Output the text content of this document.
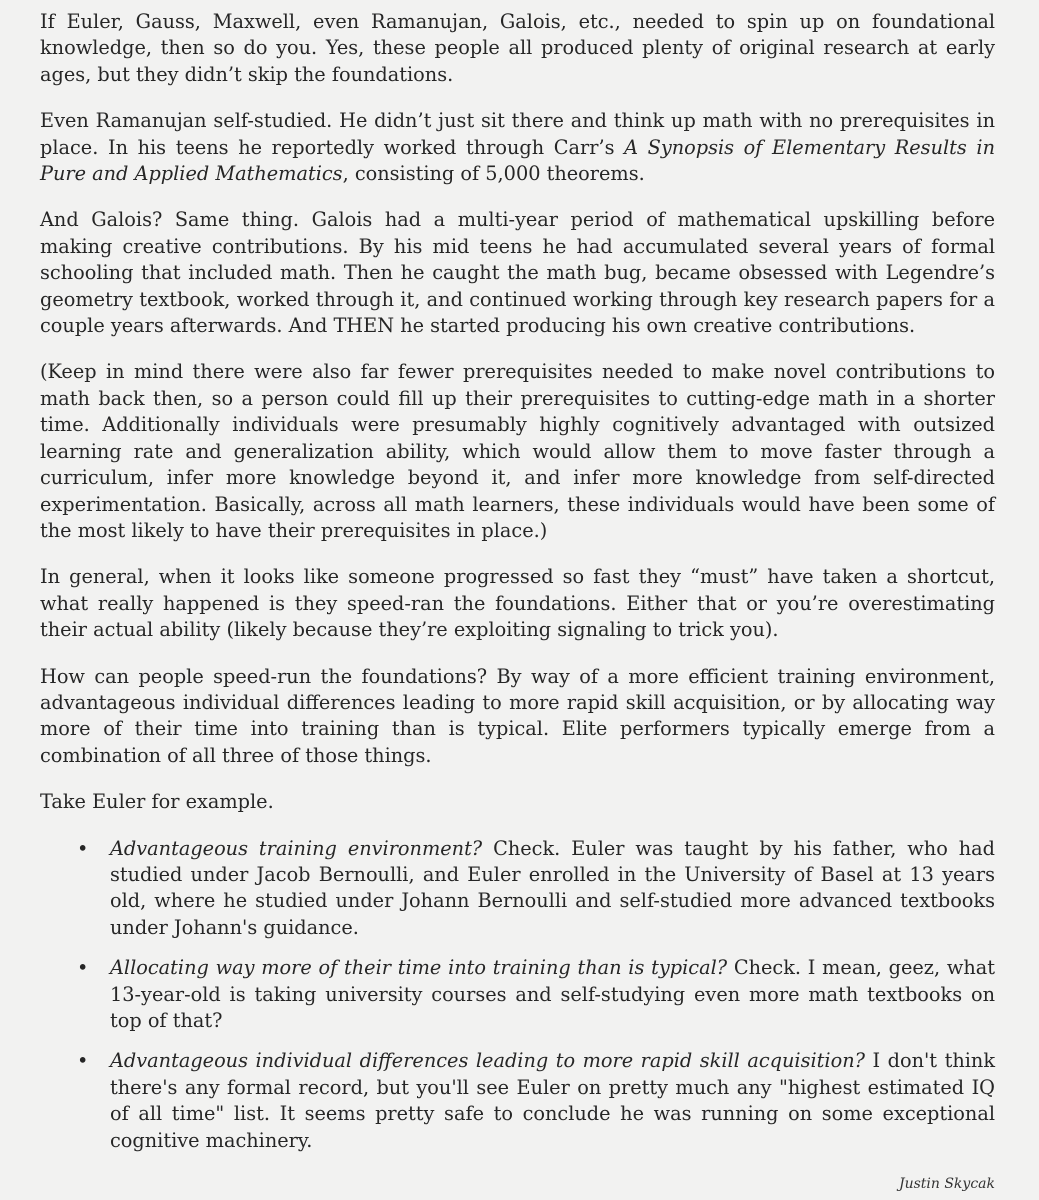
If Euler, Gauss, Maxwell, even Ramanujan, Galois, etc., needed to spin up on foundational knowledge, then so do you. Yes, these people all produced plenty of original research at early ages, but they didn’t skip the foundations.

Even Ramanujan self-studied. He didn’t just sit there and think up math with no prerequisites in place. In his teens he reportedly worked through Carr’s A Synopsis of Elementary Results in Pure and Applied Mathematics, consisting of 5,000 theorems.

And Galois? Same thing. Galois had a multi-year period of mathematical upskilling before making creative contributions. By his mid teens he had accumulated several years of formal schooling that included math. Then he caught the math bug, became obsessed with Legendre’s geometry textbook, worked through it, and continued working through key research papers for a couple years afterwards. And THEN he started producing his own creative contributions.

(Keep in mind there were also far fewer prerequisites needed to make novel contributions to math back then, so a person could fill up their prerequisites to cutting-edge math in a shorter time. Additionally individuals were presumably highly cognitively advantaged with outsized learning rate and generalization ability, which would allow them to move faster through a curriculum, infer more knowledge beyond it, and infer more knowledge from self-directed experimentation. Basically, across all math learners, these individuals would have been some of the most likely to have their prerequisites in place.)

In general, when it looks like someone progressed so fast they “must” have taken a shortcut, what really happened is they speed-ran the foundations. Either that or you’re overestimating their actual ability (likely because they’re exploiting signaling to trick you).

How can people speed-run the foundations? By way of a more efficient training environment, advantageous individual differences leading to more rapid skill acquisition, or by allocating way more of their time into training than is typical. Elite performers typically emerge from a combination of all three of those things.

Take Euler for example.

• Advantageous training environment? Check. Euler was taught by his father, who had studied under Jacob Bernoulli, and Euler enrolled in the University of Basel at 13 years old, where he studied under Johann Bernoulli and self-studied more advanced textbooks under Johann's guidance.
• Allocating way more of their time into training than is typical? Check. I mean, geez, what 13-year-old is taking university courses and self-studying even more math textbooks on top of that?
• Advantageous individual differences leading to more rapid skill acquisition? I don't think there's any formal record, but you'll see Euler on pretty much any "highest estimated IQ of all time" list. It seems pretty safe to conclude he was running on some exceptional cognitive machinery.
Justin Skycak
